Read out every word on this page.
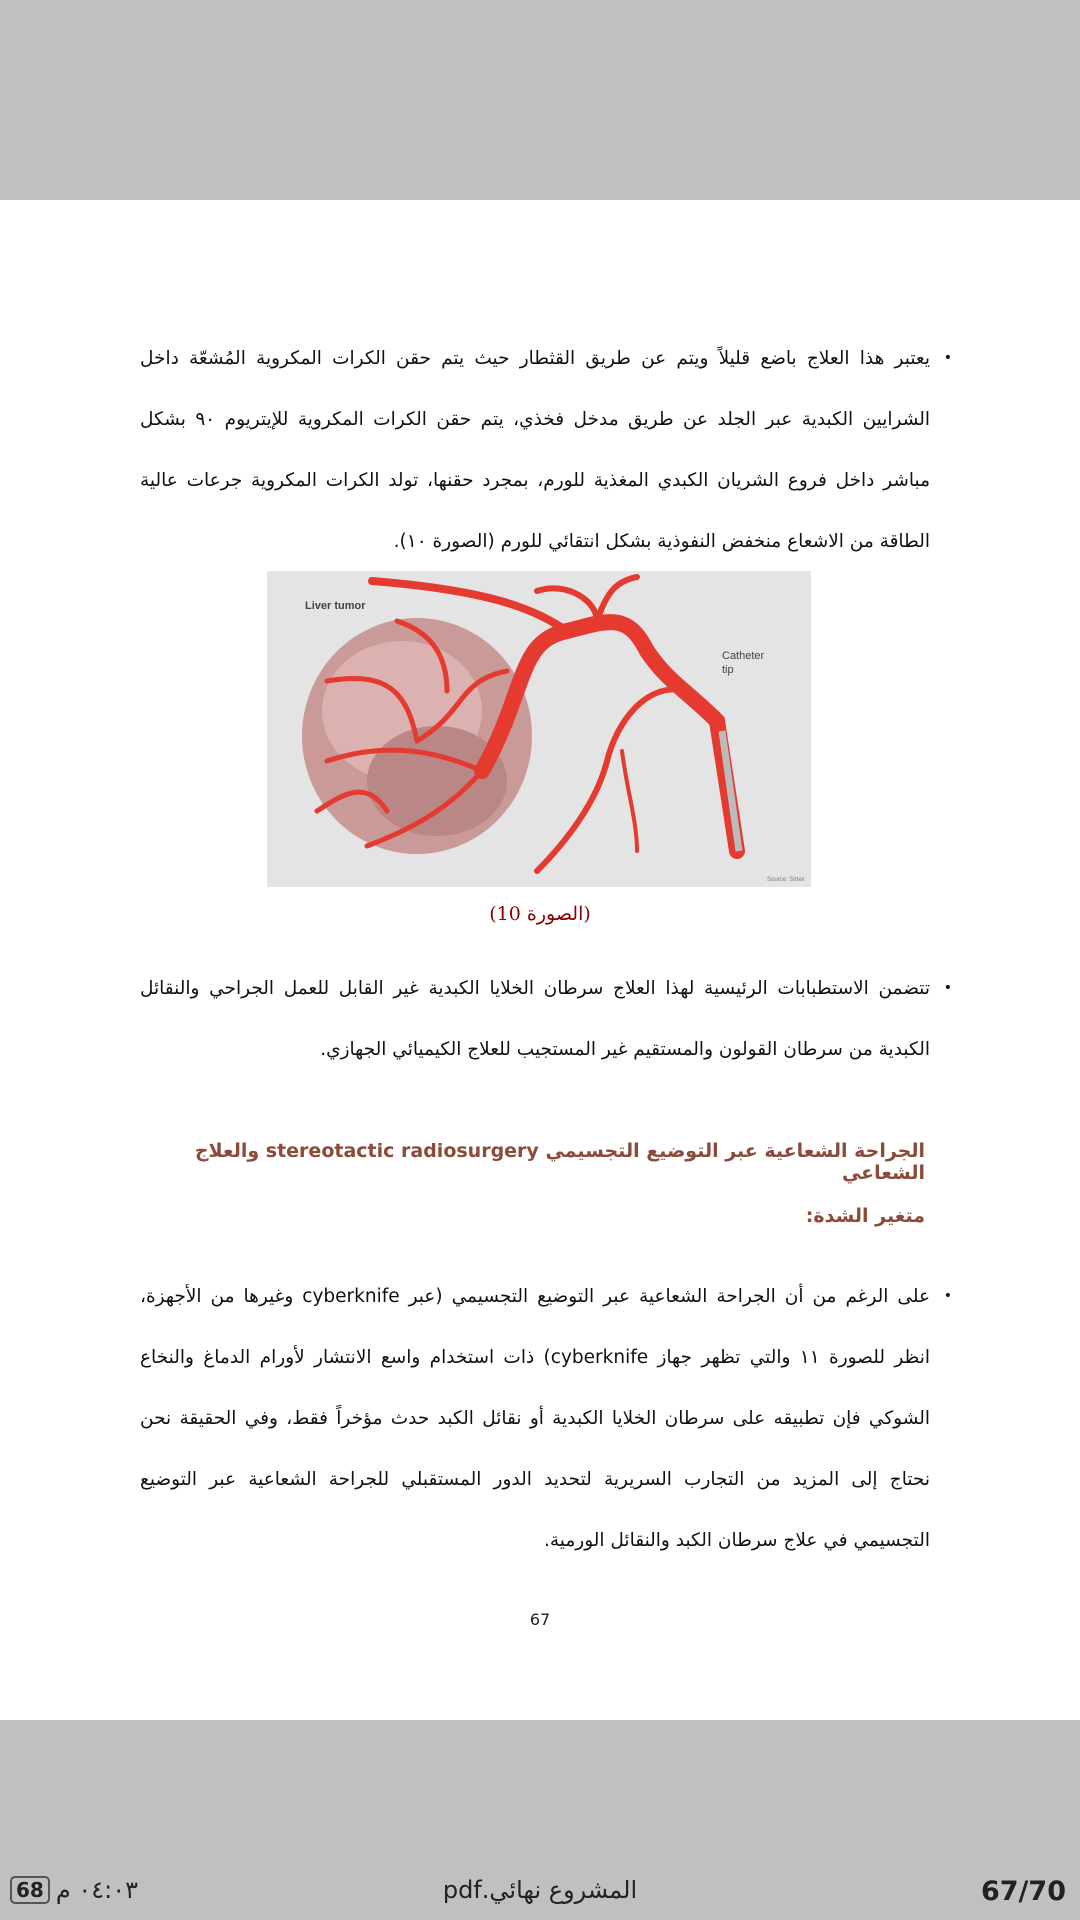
•
يعتبر هذا العلاج باضع قليلاً ويتم عن طريق القثطار حيث يتم حقن الكرات المكروية المُشعّة داخل الشرايين الكبدية عبر الجلد عن طريق مدخل فخذي، يتم حقن الكرات المكروية للإيتريوم ٩٠ بشكل مباشر داخل فروع الشريان الكبدي المغذية للورم، بمجرد حقنها، تولد الكرات المكروية جرعات عالية الطاقة من الاشعاع منخفض النفوذية بشكل انتقائي للورم (الصورة ١٠).
Liver tumor
Catheter
tip
Source: Sirtex
(الصورة 10)
•
تتضمن الاستطبابات الرئيسية لهذا العلاج سرطان الخلايا الكبدية غير القابل للعمل الجراحي والنقائل الكبدية من سرطان القولون والمستقيم غير المستجيب للعلاج الكيميائي الجهازي.
الجراحة الشعاعية عبر التوضيع التجسيمي stereotactic radiosurgery والعلاج الشعاعي
متغير الشدة:
•
على الرغم من أن الجراحة الشعاعية عبر التوضيع التجسيمي (عبر cyberknife وغيرها من الأجهزة، انظر للصورة ١١ والتي تظهر جهاز cyberknife) ذات استخدام واسع الانتشار لأورام الدماغ والنخاع الشوكي فإن تطبيقه على سرطان الخلايا الكبدية أو نقائل الكبد حدث مؤخراً فقط، وفي الحقيقة نحن نحتاج إلى المزيد من التجارب السريرية لتحديد الدور المستقبلي للجراحة الشعاعية عبر التوضيع التجسيمي في علاج سرطان الكبد والنقائل الورمية.
67
67/70
المشروع نهائي.pdf
68 ٠٤:٠٣ م
